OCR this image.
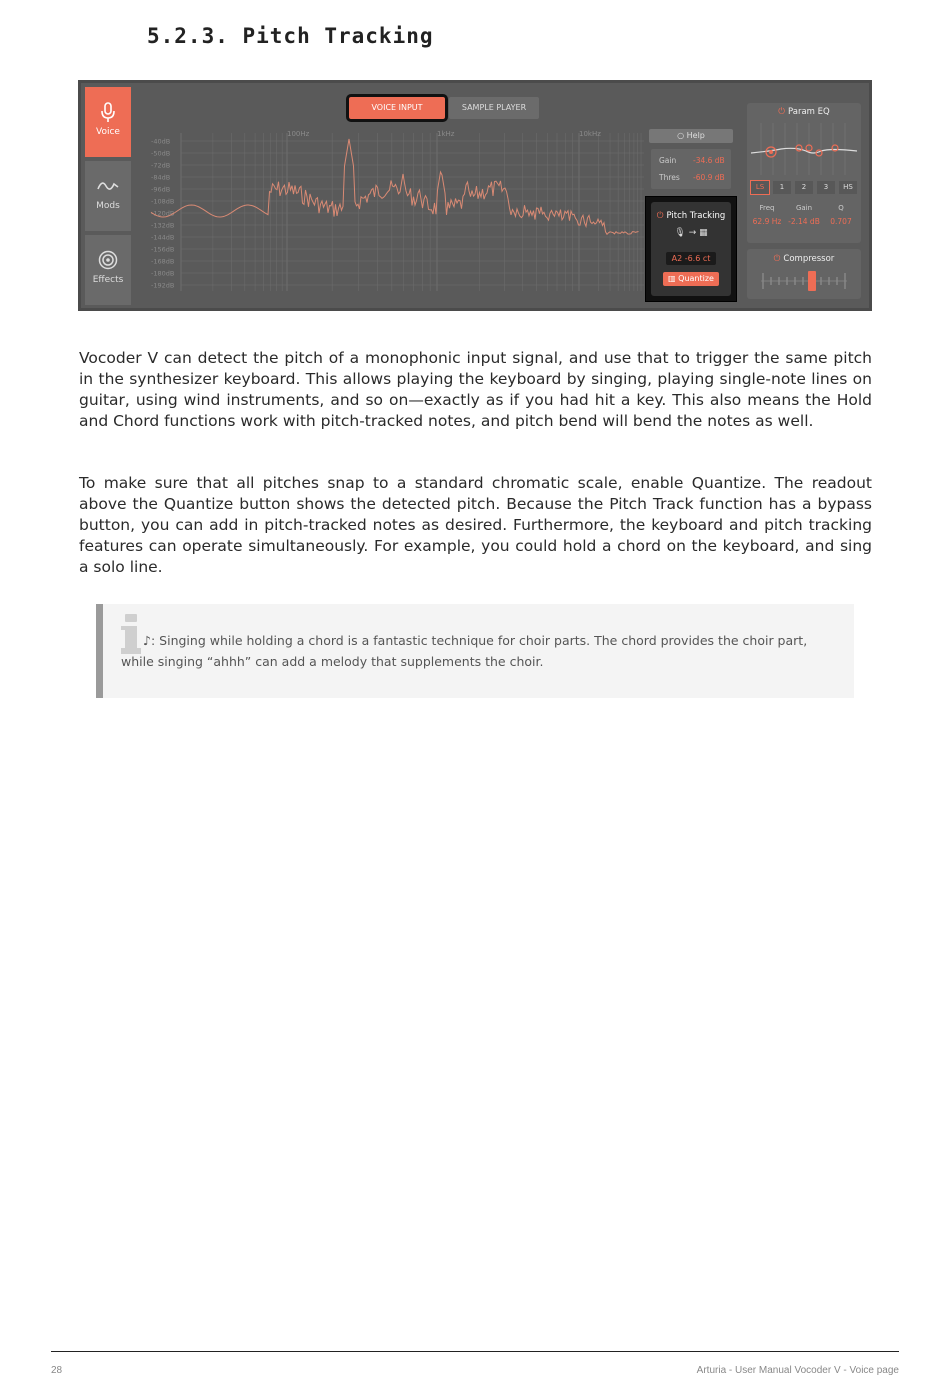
5.2.3. Pitch Tracking
Voice
Mods
Effects
VOICE INPUT	SAMPLE PLAYER
100Hz	1kHz	10kHz
-40dB
-50dB
-72dB
-84dB
-96dB
-108dB
-120dB
-132dB
-144dB
-156dB
-168dB
-180dB
-192dB
○ Help
Gain -34.6 dB
Thres -60.9 dB
⏻ Pitch Tracking
🎙︎ → ▦
A2 -6.6 ct
▥ Quantize
⏻ Param EQ
LS	1	2	3	HS
Freq	Gain	Q
62.9 Hz -2.14 dB	0.707
⏻ Compressor

Vocoder V can detect the pitch of a monophonic input signal, and use that to trigger the same pitch in the synthesizer keyboard. This allows playing the keyboard by singing, playing single-note lines on guitar, using wind instruments, and so on—exactly as if you had hit a key. This also means the Hold and Chord functions work with pitch-tracked notes, and pitch bend will bend the notes as well.

To make sure that all pitches snap to a standard chromatic scale, enable Quantize. The readout above the Quantize button shows the detected pitch. Because the Pitch Track function has a bypass button, you can add in pitch-tracked notes as desired. Furthermore, the keyboard and pitch tracking features can operate simultaneously. For example, you could hold a chord on the keyboard, and sing a solo line.

♪: Singing while holding a chord is a fantastic technique for choir parts. The chord provides the choir part, while singing “ahhh” can add a melody that supplements the choir.

28	Arturia - User Manual Vocoder V - Voice page
